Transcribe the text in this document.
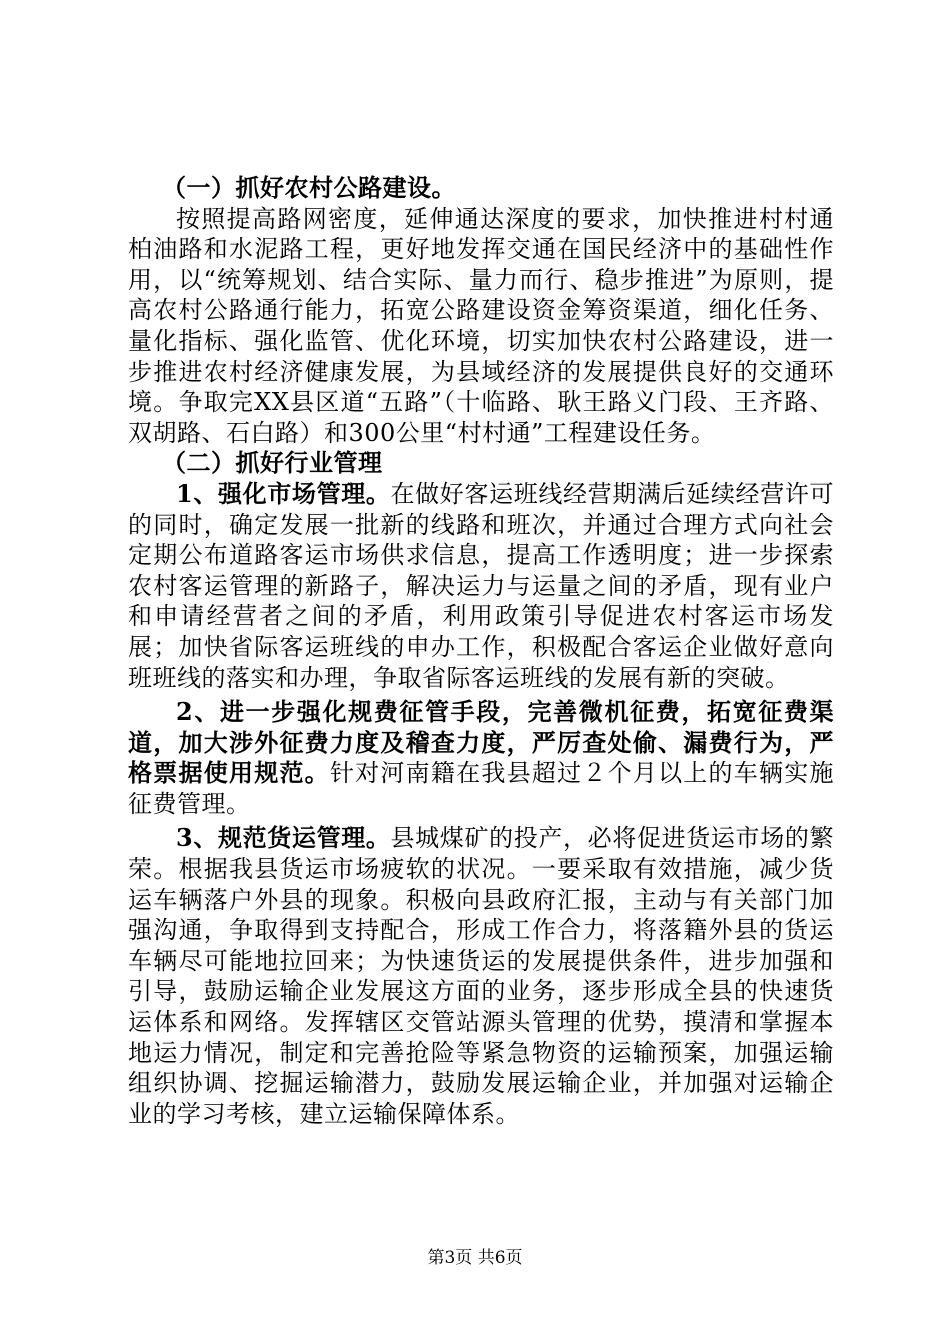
（一）抓好农村公路建设。

按照提高路网密度，延伸通达深度的要求，加快推进村村通柏油路和水泥路工程，更好地发挥交通在国民经济中的基础性作用，以“统筹规划、结合实际、量力而行、稳步推进”为原则，提高农村公路通行能力，拓宽公路建设资金筹资渠道，细化任务、量化指标、强化监管、优化环境，切实加快农村公路建设，进一步推进农村经济健康发展，为县域经济的发展提供良好的交通环境。争取完XX县区道“五路”（十临路、耿王路义门段、王齐路、双胡路、石白路）和300公里“村村通”工程建设任务。

（二）抓好行业管理

1、强化市场管理。在做好客运班线经营期满后延续经营许可的同时，确定发展一批新的线路和班次，并通过合理方式向社会定期公布道路客运市场供求信息，提高工作透明度；进一步探索农村客运管理的新路子，解决运力与运量之间的矛盾，现有业户和申请经营者之间的矛盾，利用政策引导促进农村客运市场发展；加快省际客运班线的申办工作，积极配合客运企业做好意向班班线的落实和办理，争取省际客运班线的发展有新的突破。

2、进一步强化规费征管手段，完善微机征费，拓宽征费渠道，加大涉外征费力度及稽查力度，严厉查处偷、漏费行为，严格票据使用规范。针对河南籍在我县超过２个月以上的车辆实施征费管理。

3、规范货运管理。县城煤矿的投产，必将促进货运市场的繁荣。根据我县货运市场疲软的状况。一要采取有效措施，减少货运车辆落户外县的现象。积极向县政府汇报，主动与有关部门加强沟通，争取得到支持配合，形成工作合力，将落籍外县的货运车辆尽可能地拉回来；为快速货运的发展提供条件，进步加强和引导，鼓励运输企业发展这方面的业务，逐步形成全县的快速货运体系和网络。发挥辖区交管站源头管理的优势，摸清和掌握本地运力情况，制定和完善抢险等紧急物资的运输预案，加强运输组织协调、挖掘运输潜力，鼓励发展运输企业，并加强对运输企业的学习考核，建立运输保障体系。

第3页 共6页
